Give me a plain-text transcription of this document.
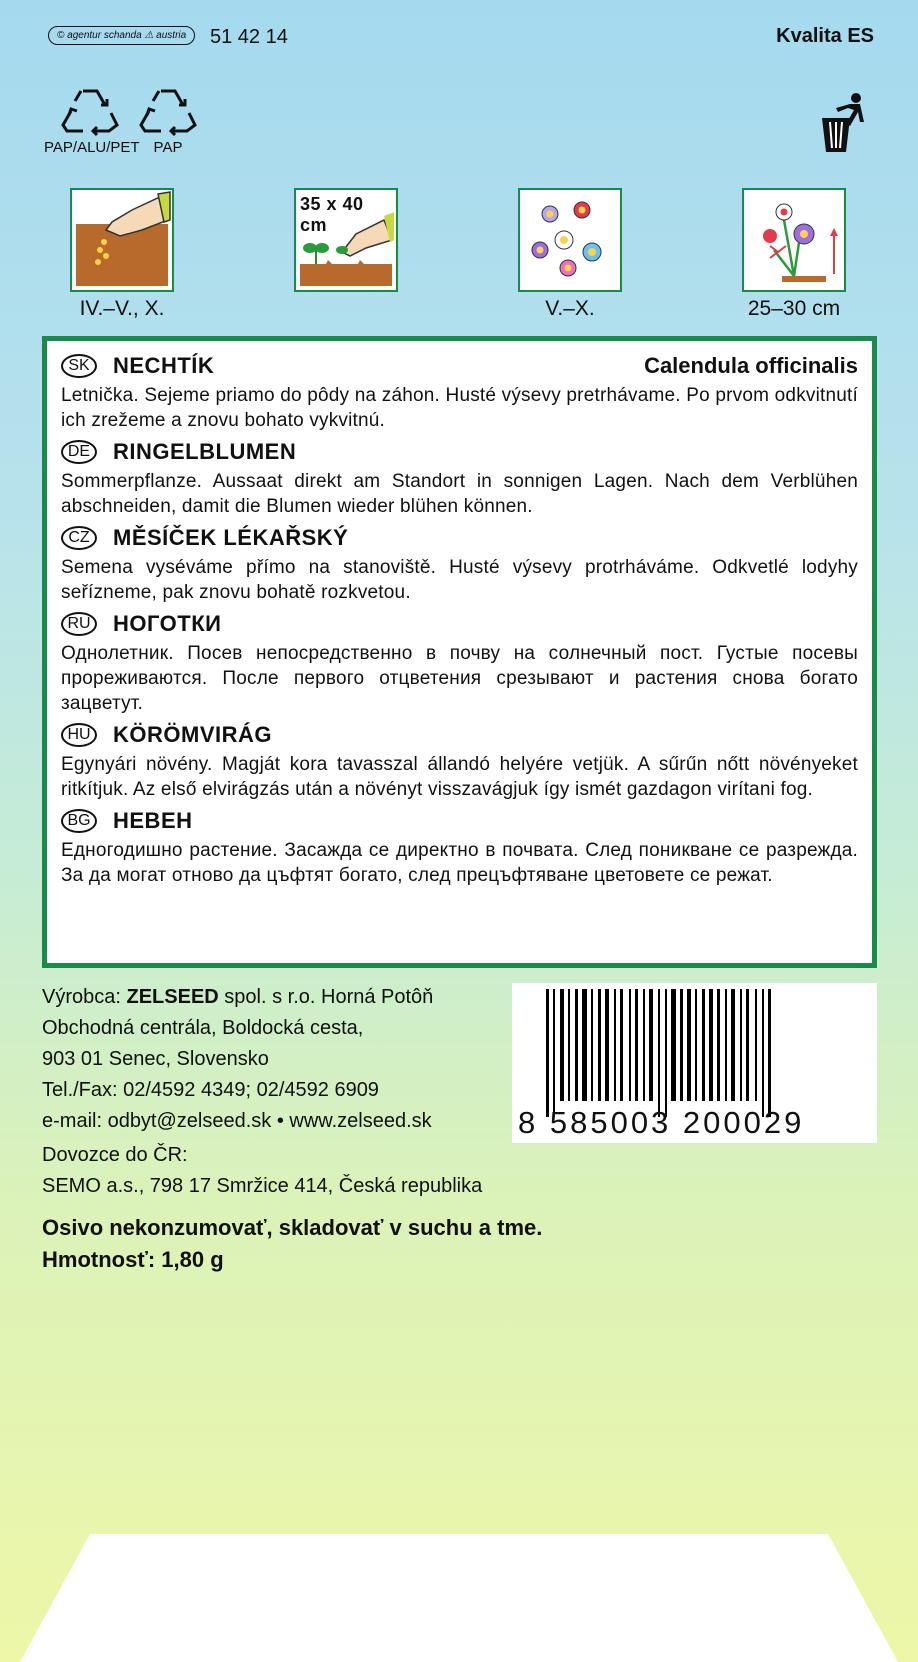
© agentur schanda ⚠ austria	51 42 14	Kvalita ES
PAP/ALU/PET PAP
35 x 40 cm
IV.–V., X.	V.–X.	25–30 cm
SK	NECHTÍK	Calendula officinalis
Letnička. Sejeme priamo do pôdy na záhon. Husté výsevy pretrhávame. Po prvom odkvitnutí ich zrežeme a znovu bohato vykvitnú.
DE	RINGELBLUMEN
Sommerpflanze. Aussaat direkt am Standort in sonnigen Lagen. Nach dem Verblühen abschneiden, damit die Blumen wieder blühen können.
CZ	MĚSÍČEK LÉKAŘSKÝ
Semena vyséváme přímo na stanoviště. Husté výsevy protrháváme. Odkvetlé lodyhy seřízneme, pak znovu bohatě rozkvetou.
RU НОГОТКИ
Однолетник. Посев непосредственно в почву на солнечный пост. Густые посевы прореживаются. После первого отцветения срезывают и растения снова богато зацветут.
HU KÖRÖMVIRÁG
Egynyári növény. Magját kora tavasszal állandó helyére vetjük. A sűrűn nőtt növényeket ritkítjuk. Az első elvirágzás után a növényt visszavágjuk így ismét gazdagon virítani fog.
BG НЕВЕН
Едногодишно растение. Засажда се директно в почвата. След поникване се разрежда. За да могат отново да цъфтят богато, след прецъфтяване цветовете се режат.
Výrobca: ZELSEED spol. s r.o. Horná Potôň
Obchodná centrála, Boldocká cesta,
903 01 Senec, Slovensko
Tel./Fax: 02/4592 4349; 02/4592 6909
e-mail: odbyt@zelseed.sk • www.zelseed.sk
Dovozce do ČR:
SEMO a.s., 798 17 Smržice 414, Česká republika
Osivo nekonzumovať, skladovať v suchu a tme.
Hmotnosť: 1,80 g
8 585003 200029
